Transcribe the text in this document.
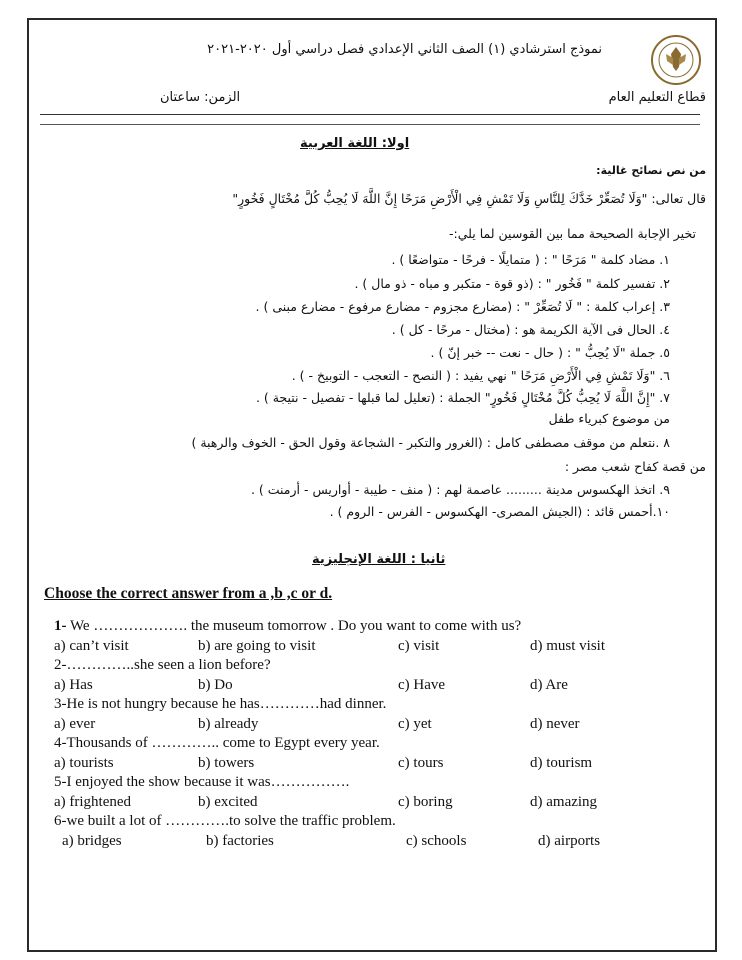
نموذج استرشادي (١) الصف الثاني الإعدادي فصل دراسي أول ٢٠٢٠-٢٠٢١
قطاع التعليم العام
الزمن: ساعتان
اولا: اللغة العربية
من نص نصائح غالية:
قال تعالى: "وَلَا تُصَعِّرْ خَدَّكَ لِلنَّاسِ وَلَا تَمْشِ فِي الْأَرْضِ مَرَحًا إِنَّ اللَّهَ لَا يُحِبُّ كُلَّ مُخْتَالٍ فَخُورٍ"
تخير الإجابة الصحيحة مما بين القوسين لما يلي:-
١. مضاد كلمة " مَرَحًا " : ( متمايلًا - فرحًا - متواضعًا ) .
٢. تفسير كلمة " فَخُور " : (ذو قوة - متكبر و مباه - ذو مال ) .
٣. إعراب كلمة : " لَا تُصَعِّرْ " : (مضارع مجزوم - مضارع مرفوع - مضارع مبنى ) .
٤. الحال فى الآية الكريمة هو : (مختال - مرحًا - كل ) .
٥. جملة "لَا يُحِبُّ " : ( حال - نعت -- خبر إنّ ) .
٦. "وَلَا تَمْشِ فِي الْأَرْضِ مَرَحًا " نهي يفيد : ( النصح - التعجب - التوبيخ - ) .
٧. "إِنَّ اللَّهَ لَا يُحِبُّ كُلَّ مُخْتَالٍ فَخُورٍ" الجملة : (تعليل لما قبلها - تفصيل - نتيجة ) .
من موضوع كبرياء طفل
٨ .نتعلم من موقف مصطفى كامل : (الغرور والتكبر - الشجاعة وقول الحق - الخوف والرهبة )
من قصة كفاح شعب مصر :
٩. اتخذ الهكسوس مدينة ......... عاصمة لهم : ( منف - طيبة - أواريس - أرمنت ) .
١٠.أحمس قائد : (الجيش المصرى- الهكسوس - الفرس - الروم ) .
ثانيا : اللغة الإنجليزية
Choose the correct answer from a ,b ,c or d.
1- We ………………. the museum tomorrow . Do you want to come with us?
a) can’t visit	b) are going to visit	c) visit	d) must visit
2-…………..she seen a lion before?
a) Has	b) Do	c) Have	d) Are
3-He is not hungry because he has…………had dinner.
a) ever	b) already	c) yet	d) never
4-Thousands of ………….. come to Egypt every year.
a) tourists	b) towers	c) tours	d) tourism
5-I enjoyed the show because it was…………….
a) frightened	b) excited	c) boring	d) amazing
6-we built a lot of ………….to solve the traffic problem.
a) bridges	b) factories	c) schools	d) airports
